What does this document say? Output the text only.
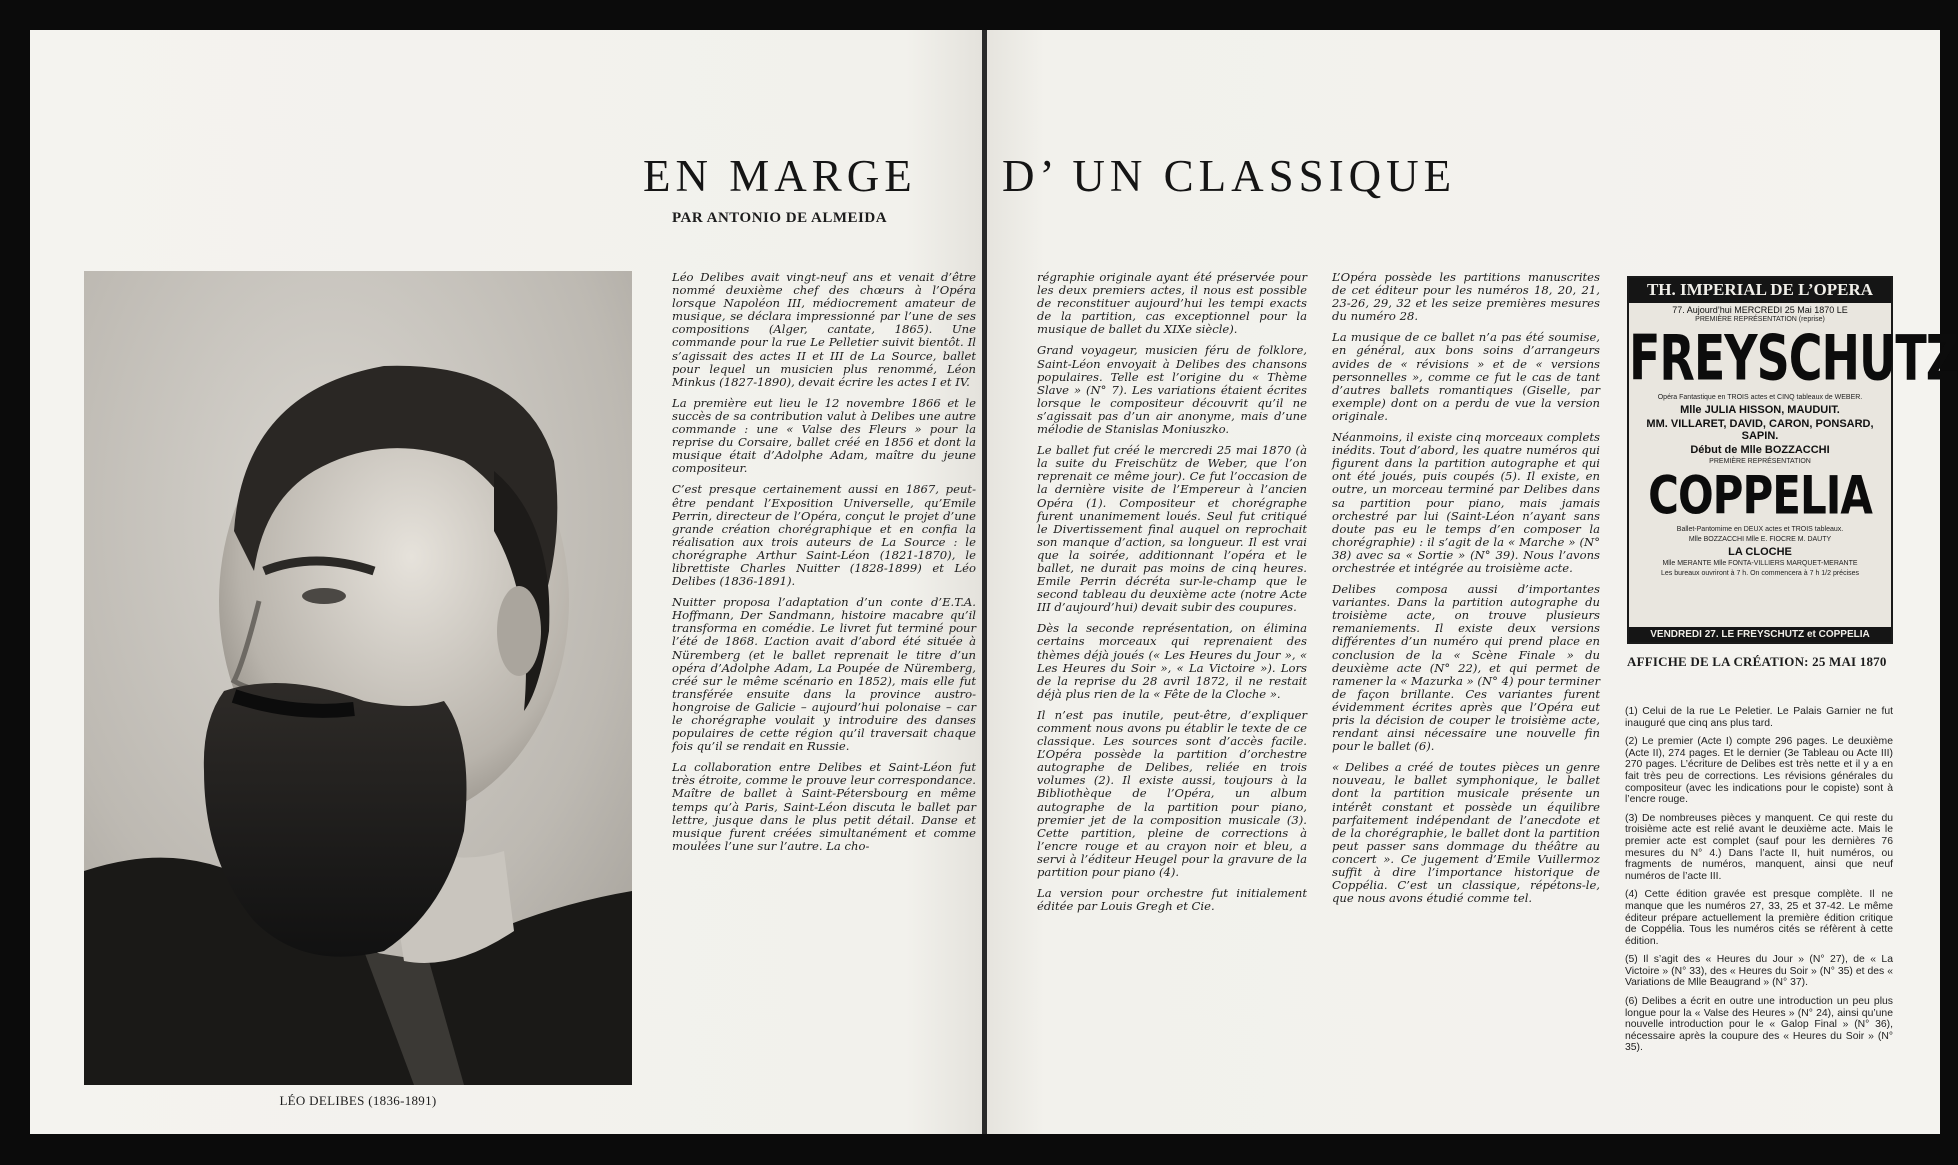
EN MARGE D’ UN CLASSIQUE
PAR ANTONIO DE ALMEIDA
LÉO DELIBES (1836-1891)

Léo Delibes avait vingt-neuf ans et venait d’être nommé deuxième chef des chœurs à l’Opéra lorsque Napoléon III, médiocrement amateur de musique, se déclara impressionné par l’une de ses compositions (Alger, cantate, 1865). Une commande pour la rue Le Pelletier suivit bientôt. Il s’agissait des actes II et III de La Source, ballet pour lequel un musicien plus renommé, Léon Minkus (1827-1890), devait écrire les actes I et IV.

La première eut lieu le 12 novembre 1866 et le succès de sa contribution valut à Delibes une autre commande : une « Valse des Fleurs » pour la reprise du Corsaire, ballet créé en 1856 et dont la musique était d’Adolphe Adam, maître du jeune compositeur.

C’est presque certainement aussi en 1867, peut-être pendant l’Exposition Universelle, qu’Emile Perrin, directeur de l’Opéra, conçut le projet d’une grande création chorégraphique et en confia la réalisation aux trois auteurs de La Source : le chorégraphe Arthur Saint-Léon (1821-1870), le librettiste Charles Nuitter (1828-1899) et Léo Delibes (1836-1891).

Nuitter proposa l’adaptation d’un conte d’E.T.A. Hoffmann, Der Sandmann, histoire macabre qu’il transforma en comédie. Le livret fut terminé pour l’été de 1868. L’action avait d’abord été située à Nüremberg (et le ballet reprenait le titre d’un opéra d’Adolphe Adam, La Poupée de Nüremberg, créé sur le même scénario en 1852), mais elle fut transférée ensuite dans la province austro-hongroise de Galicie – aujourd’hui polonaise – car le chorégraphe voulait y introduire des danses populaires de cette région qu’il traversait chaque fois qu’il se rendait en Russie.

La collaboration entre Delibes et Saint-Léon fut très étroite, comme le prouve leur correspondance. Maître de ballet à Saint-Pétersbourg en même temps qu’à Paris, Saint-Léon discuta le ballet par lettre, jusque dans le plus petit détail. Danse et musique furent créées simultanément et comme moulées l’une sur l’autre. La cho-

régraphie originale ayant été préservée pour les deux premiers actes, il nous est possible de reconstituer aujourd’hui les tempi exacts de la partition, cas exceptionnel pour la musique de ballet du XIXe siècle).

Grand voyageur, musicien féru de folklore, Saint-Léon envoyait à Delibes des chansons populaires. Telle est l’origine du « Thème Slave » (N° 7). Les variations étaient écrites lorsque le compositeur découvrit qu’il ne s’agissait pas d’un air anonyme, mais d’une mélodie de Stanislas Moniuszko.

Le ballet fut créé le mercredi 25 mai 1870 (à la suite du Freischütz de Weber, que l’on reprenait ce même jour). Ce fut l’occasion de la dernière visite de l’Empereur à l’ancien Opéra (1). Compositeur et chorégraphe furent unanimement loués. Seul fut critiqué le Divertissement final auquel on reprochait son manque d’action, sa longueur. Il est vrai que la soirée, additionnant l’opéra et le ballet, ne durait pas moins de cinq heures. Emile Perrin décréta sur-le-champ que le second tableau du deuxième acte (notre Acte III d’aujourd’hui) devait subir des coupures.

Dès la seconde représentation, on élimina certains morceaux qui reprenaient des thèmes déjà joués (« Les Heures du Jour », « Les Heures du Soir », « La Victoire »). Lors de la reprise du 28 avril 1872, il ne restait déjà plus rien de la « Fête de la Cloche ».

Il n’est pas inutile, peut-être, d’expliquer comment nous avons pu établir le texte de ce classique. Les sources sont d’accès facile. L’Opéra possède la partition d’orchestre autographe de Delibes, reliée en trois volumes (2). Il existe aussi, toujours à la Bibliothèque de l’Opéra, un album autographe de la partition pour piano, premier jet de la composition musicale (3). Cette partition, pleine de corrections à l’encre rouge et au crayon noir et bleu, a servi à l’éditeur Heugel pour la gravure de la partition pour piano (4).

La version pour orchestre fut initialement éditée par Louis Gregh et Cie.

L’Opéra possède les partitions manuscrites de cet éditeur pour les numéros 18, 20, 21, 23-26, 29, 32 et les seize premières mesures du numéro 28.

La musique de ce ballet n’a pas été soumise, en général, aux bons soins d’arrangeurs avides de « révisions » et de « versions personnelles », comme ce fut le cas de tant d’autres ballets romantiques (Giselle, par exemple) dont on a perdu de vue la version originale.

Néanmoins, il existe cinq morceaux complets inédits. Tout d’abord, les quatre numéros qui figurent dans la partition autographe et qui ont été joués, puis coupés (5). Il existe, en outre, un morceau terminé par Delibes dans sa partition pour piano, mais jamais orchestré par lui (Saint-Léon n’ayant sans doute pas eu le temps d’en composer la chorégraphie) : il s’agit de la « Marche » (N° 38) avec sa « Sortie » (N° 39). Nous l’avons orchestrée et intégrée au troisième acte.

Delibes composa aussi d’importantes variantes. Dans la partition autographe du troisième acte, on trouve plusieurs remaniements. Il existe deux versions différentes d’un numéro qui prend place en conclusion de la « Scène Finale » du deuxième acte (N° 22), et qui permet de ramener la « Mazurka » (N° 4) pour terminer de façon brillante. Ces variantes furent évidemment écrites après que l’Opéra eut pris la décision de couper le troisième acte, rendant ainsi nécessaire une nouvelle fin pour le ballet (6).

« Delibes a créé de toutes pièces un genre nouveau, le ballet symphonique, le ballet dont la partition musicale présente un intérêt constant et possède un équilibre parfaitement indépendant de l’anecdote et de la chorégraphie, le ballet dont la partition peut passer sans dommage du théâtre au concert ». Ce jugement d’Emile Vuillermoz suffit à dire l’importance historique de Coppélia. C’est un classique, répétons-le, que nous avons étudié comme tel.

TH. IMPERIAL DE L’OPERA
77. Aujourd’hui MERCREDI 25 Mai 1870 LE
PREMIÈRE REPRÉSENTATION (reprise)
FREYSCHUTZ
Opéra Fantastique en TROIS actes et CINQ tableaux de WEBER.
Mlle JULIA HISSON, MAUDUIT.
MM. VILLARET, DAVID, CARON, PONSARD, SAPIN.
Début de Mlle BOZZACCHI
PREMIÈRE REPRÉSENTATION
COPPELIA
Ballet-Pantomime en DEUX actes et TROIS tableaux.
Mlle BOZZACCHI Mlle E. FIOCRE M. DAUTY
LA CLOCHE
Mlle MERANTE Mlle FONTA-VILLIERS MARQUET-MERANTE
Les bureaux ouvriront à 7 h. On commencera à 7 h 1/2 précises
VENDREDI 27. LE FREYSCHUTZ et COPPELIA
AFFICHE DE LA CRÉATION: 25 MAI 1870

(1) Celui de la rue Le Peletier. Le Palais Garnier ne fut inauguré que cinq ans plus tard.

(2) Le premier (Acte I) compte 296 pages. Le deuxième (Acte II), 274 pages. Et le dernier (3e Tableau ou Acte III) 270 pages. L’écriture de Delibes est très nette et il y a en fait très peu de corrections. Les révisions générales du compositeur (avec les indications pour le copiste) sont à l’encre rouge.

(3) De nombreuses pièces y manquent. Ce qui reste du troisième acte est relié avant le deuxième acte. Mais le premier acte est complet (sauf pour les dernières 76 mesures du N° 4.) Dans l’acte II, huit numéros, ou fragments de numéros, manquent, ainsi que neuf numéros de l’acte III.

(4) Cette édition gravée est presque complète. Il ne manque que les numéros 27, 33, 25 et 37-42. Le même éditeur prépare actuellement la première édition critique de Coppélia. Tous les numéros cités se réfèrent à cette édition.

(5) Il s’agit des « Heures du Jour » (N° 27), de « La Victoire » (N° 33), des « Heures du Soir » (N° 35) et des « Variations de Mlle Beaugrand » (N° 37).

(6) Delibes a écrit en outre une introduction un peu plus longue pour la « Valse des Heures » (N° 24), ainsi qu’une nouvelle introduction pour le « Galop Final » (N° 36), nécessaire après la coupure des « Heures du Soir » (N° 35).
